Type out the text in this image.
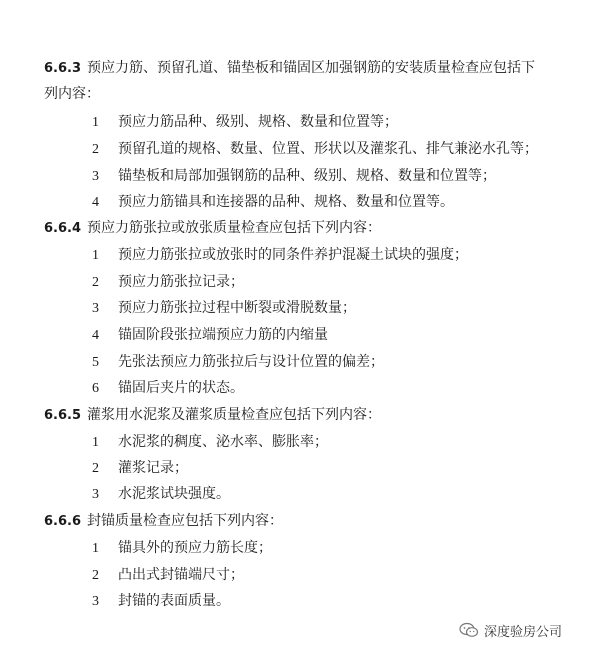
6.6.3 预应力筋、预留孔道、锚垫板和锚固区加强钢筋的安装质量检查应包括下
列内容：
1 预应力筋品种、级别、规格、数量和位置等；
2 预留孔道的规格、数量、位置、形状以及灌浆孔、排气兼泌水孔等；
3 锚垫板和局部加强钢筋的品种、级别、规格、数量和位置等；
4 预应力筋锚具和连接器的品种、规格、数量和位置等。
6.6.4 预应力筋张拉或放张质量检查应包括下列内容：
1 预应力筋张拉或放张时的同条件养护混凝土试块的强度；
2 预应力筋张拉记录；
3 预应力筋张拉过程中断裂或滑脱数量；
4 锚固阶段张拉端预应力筋的内缩量
5 先张法预应力筋张拉后与设计位置的偏差；
6 锚固后夹片的状态。
6.6.5 灌浆用水泥浆及灌浆质量检查应包括下列内容：
1 水泥浆的稠度、泌水率、膨胀率；
2 灌浆记录；
3 水泥浆试块强度。
6.6.6 封锚质量检查应包括下列内容：
1 锚具外的预应力筋长度；
2 凸出式封锚端尺寸；
3 封锚的表面质量。
深度验房公司
